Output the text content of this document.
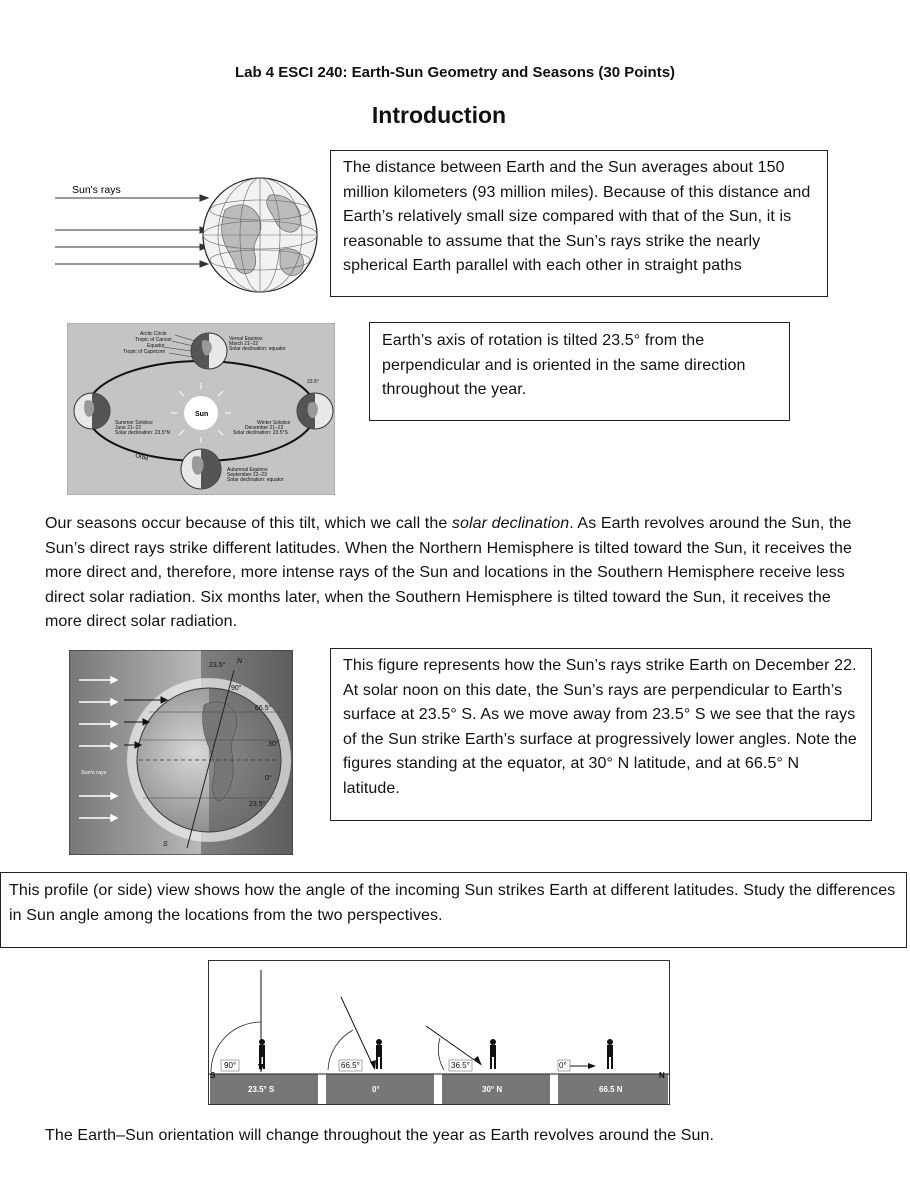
Lab 4 ESCI 240: Earth-Sun Geometry and Seasons (30 Points)
Introduction
Sun's rays
The distance between Earth and the Sun averages about 150 million kilometers (93 million miles). Because of this distance and Earth’s relatively small size compared with that of the Sun, it is reasonable to assume that the Sun’s rays strike the nearly spherical Earth parallel with each other in straight paths
Sun
Arctic Circle
Tropic of Cancer
Equator
Tropic of Capricorn
Vernal Equinox
March 21–22
Solar declination: equator
Summer Solstice
June 21–22
Solar declination: 23.5°N
Winter Solstice
December 21–22
Solar declination: 23.5°S
Autumnal Equinox
September 22–23
Solar declination: equator
23.5°
Orbit
Earth’s axis of rotation is tilted 23.5° from the perpendicular and is oriented in the same direction throughout the year.
Our seasons occur because of this tilt, which we call the solar declination. As Earth revolves around the Sun, the Sun’s direct rays strike different latitudes. When the Northern Hemisphere is tilted toward the Sun, it receives the more direct and, therefore, more intense rays of the Sun and locations in the Southern Hemisphere receive less direct solar radiation. Six months later, when the Southern Hemisphere is tilted toward the Sun, it receives the more direct solar radiation.
23.5°
N
90°
66.5°
30°
0°
23.5°
S
Sun's rays
This figure represents how the Sun’s rays strike Earth on December 22. At solar noon on this date, the Sun’s rays are perpendicular to Earth’s surface at 23.5° S. As we move away from 23.5° S we see that the rays of the Sun strike Earth’s surface at progressively lower angles. Note the figures standing at the equator, at 30° N latitude, and at 66.5° N latitude.
This profile (or side) view shows how the angle of the incoming Sun strikes Earth at different latitudes. Study the differences in Sun angle among the locations from the two perspectives.
90°	66.5°	36.5°	0°
S	N
23.5° S	0°	30° N	66.5 N
The Earth–Sun orientation will change throughout the year as Earth revolves around the Sun.
